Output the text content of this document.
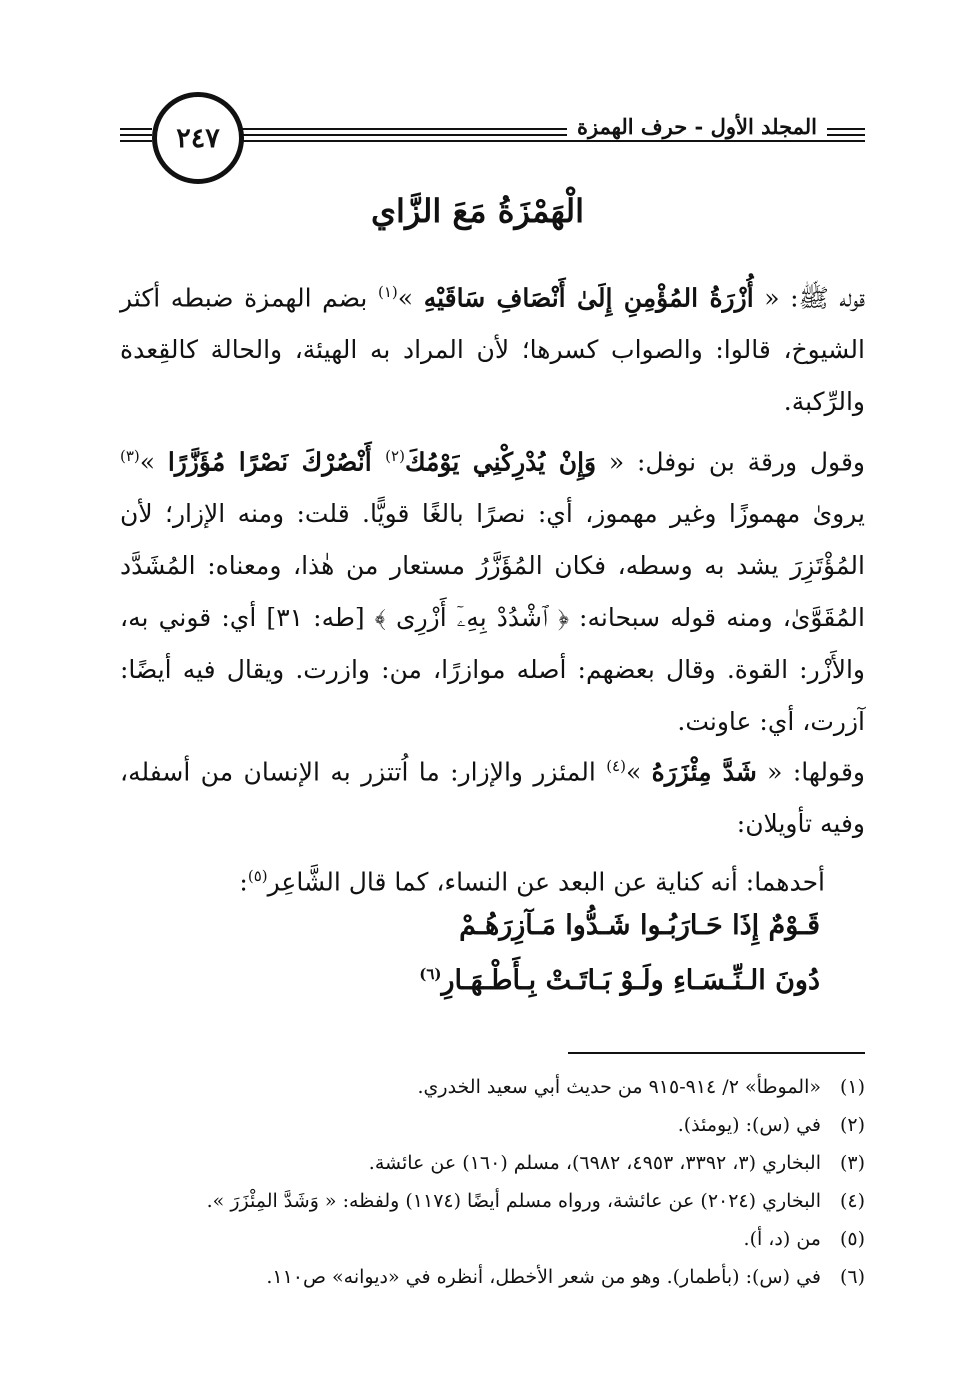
٢٤٧	المجلد الأول - حرف الهمزة
الْهَمْزَةُ مَعَ الزَّاي
قوله ﷺ: « أُزْرَةُ المُؤْمِنِ إِلَىٰ أَنْصَافِ سَاقَيْهِ »$^{(١)}$ بضم الهمزة ضبطه أكثر الشيوخ، قالوا: والصواب كسرها؛ لأن المراد به الهيئة، والحالة كالقِعدة والرِّكبة.
وقول ورقة بن نوفل: « وَإِنْ يُدْرِكْنِي يَوْمُكَ$^{(٢)}$ أَنْصُرْكَ نَصْرًا مُؤَزَّرًا »$^{(٣)}$ يروىٰ مهموزًا وغير مهموز، أي: نصرًا بالغًا قويًّا. قلت: ومنه الإزار؛ لأن المُؤْتَزِرَ يشد به وسطه، فكان المُؤَزَّرُ مستعار من هٰذا، ومعناه: المُشَدَّد المُقَوَّىٰ، ومنه قوله سبحانه: ﴿ ٱشْدُدْ بِهِۦٓ أَزْرِى ﴾ [طه: ٣١] أي: قوني به، والأَزْر: القوة. وقال بعضهم: أصله موازرًا، من: وازرت. ويقال فيه أيضًا: آزرت، أي: عاونت.
وقولها: « شَدَّ مِئْزَرَهُ »$^{(٤)}$ المئزر والإزار: ما اُتتزر به الإنسان من أسفله، وفيه تأويلان:
أحدهما: أنه كناية عن البعد عن النساء، كما قال الشَّاعِر$^{(٥)}$:
قَـوْمٌ إِذَا حَـارَبُـوا شَـدُّوا مَـآزِرَهُـمْ
دُونَ الـنِّـسَـاءِ ولَـوْ بَـاتَـتْ بِـأَطْـهَـارِ$^{(٦)}$
(١)
«الموطأ» ٢/ ٩١٤-٩١٥ من حديث أبي سعيد الخدري.
(٢)
في (س): (يومئذ).
(٣)
البخاري (٣، ٣٣٩٢، ٤٩٥٣، ٦٩٨٢)، مسلم (١٦٠) عن عائشة.
(٤)
البخاري (٢٠٢٤) عن عائشة، ورواه مسلم أيضًا (١١٧٤) ولفظه: « وَشَدَّ المِئْزَرَ ».
(٥)
من (د، أ).
(٦)
في (س): (بأطمار). وهو من شعر الأخطل، أنظره في «ديوانه» ص١١٠.
